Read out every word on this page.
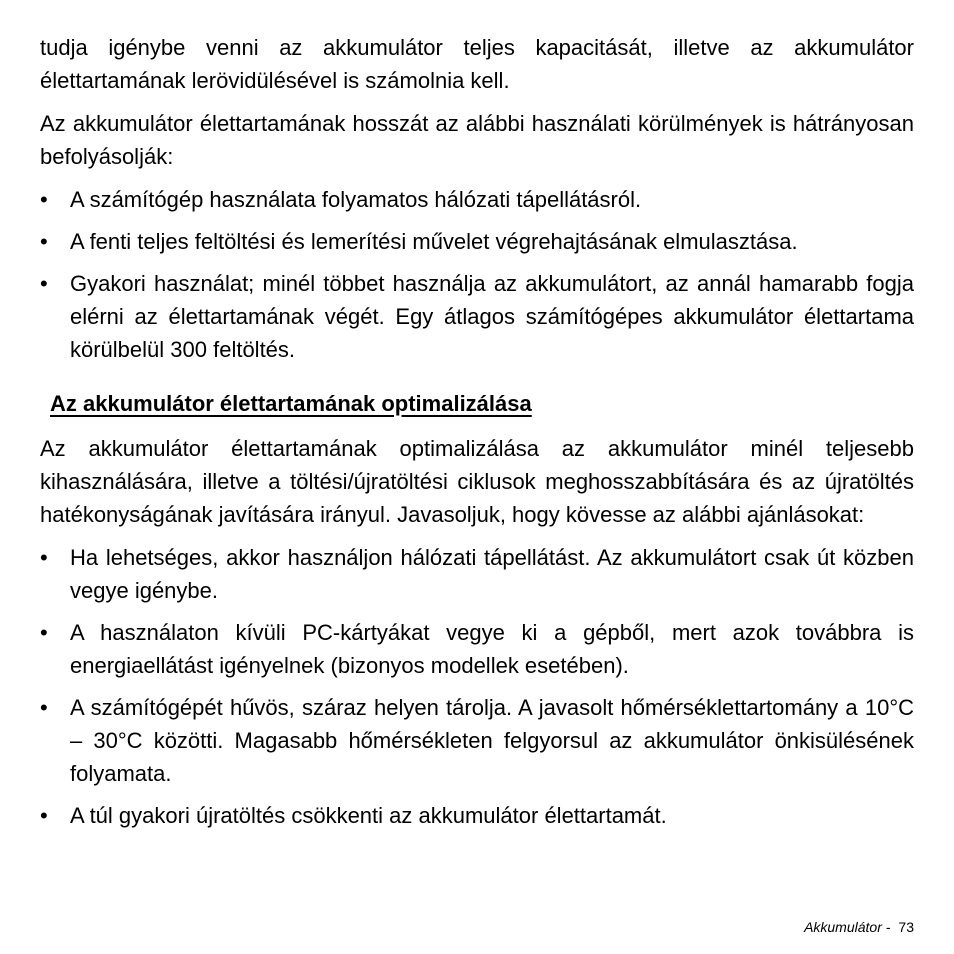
tudja igénybe venni az akkumulátor teljes kapacitását, illetve az akkumulátor élettartamának lerövidülésével is számolnia kell.

Az akkumulátor élettartamának hosszát az alábbi használati körülmények is hátrányosan befolyásolják:

• A számítógép használata folyamatos hálózati tápellátásról.
• A fenti teljes feltöltési és lemerítési művelet végrehajtásának elmulasztása.
• Gyakori használat; minél többet használja az akkumulátort, az annál hamarabb fogja elérni az élettartamának végét. Egy átlagos számítógépes akkumulátor élettartama körülbelül 300 feltöltés.
Az akkumulátor élettartamának optimalizálása

Az akkumulátor élettartamának optimalizálása az akkumulátor minél teljesebb kihasználására, illetve a töltési/újratöltési ciklusok meghosszabbítására és az újratöltés hatékonyságának javítására irányul. Javasoljuk, hogy kövesse az alábbi ajánlásokat:

• Ha lehetséges, akkor használjon hálózati tápellátást. Az akkumulátort csak út közben vegye igénybe.
• A használaton kívüli PC-kártyákat vegye ki a gépből, mert azok továbbra is energiaellátást igényelnek (bizonyos modellek esetében).
• A számítógépét hűvös, száraz helyen tárolja. A javasolt hőmérséklettartomány a 10°C – 30°C közötti. Magasabb hőmérsékleten felgyorsul az akkumulátor önkisülésének folyamata.
• A túl gyakori újratöltés csökkenti az akkumulátor élettartamát.
Akkumulátor - 73
